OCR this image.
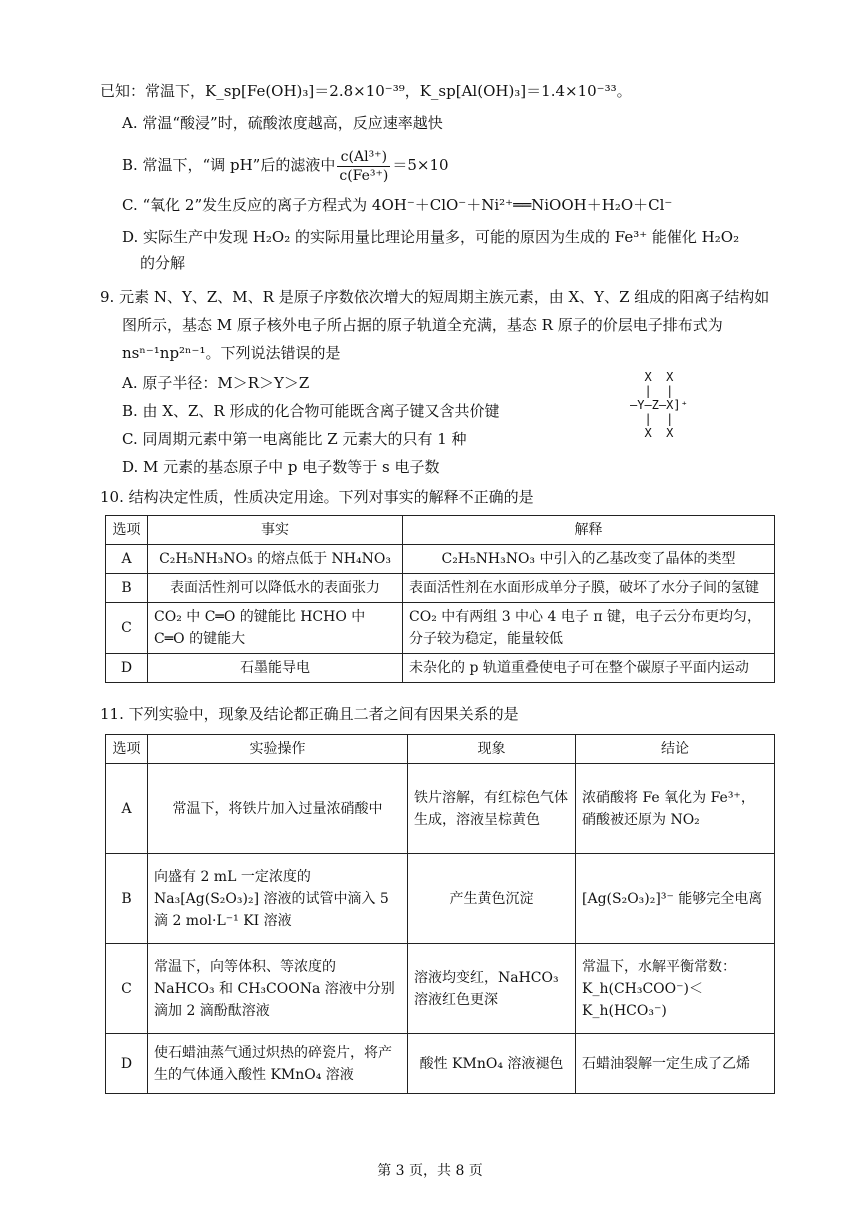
已知：常温下，K_sp[Fe(OH)₃]＝2.8×10⁻³⁹，K_sp[Al(OH)₃]＝1.4×10⁻³³。
A. 常温“酸浸”时，硫酸浓度越高，反应速率越快
B. 常温下，“调 pH”后的滤液中 $\frac{\text{c(Al³⁺)}}{\text{c(Fe³⁺)}} =5\times 10$
C. “氧化 2”发生反应的离子方程式为 4OH⁻＋ClO⁻＋Ni²⁺══NiOOH＋H₂O＋Cl⁻
D. 实际生产中发现 H₂O₂ 的实际用量比理论用量多，可能的原因为生成的 Fe³⁺ 能催化 H₂O₂
的分解
9. 元素 N、Y、Z、M、R 是原子序数依次增大的短周期主族元素，由 X、Y、Z 组成的阳离子结构如
图所示，基态 M 原子核外电子所占据的原子轨道全充满，基态 R 原子的价层电子排布式为
nsⁿ⁻¹np²ⁿ⁻¹。下列说法错误的是
A. 原子半径：M＞R＞Y＞Z
B. 由 X、Z、R 形成的化合物可能既含离子键又含共价键
C. 同周期元素中第一电离能比 Z 元素大的只有 1 种
D. M 元素的基态原子中 p 电子数等于 s 电子数
X  X
|  |
–Y–Z–X]⁺
|  |
X  X
10. 结构决定性质，性质决定用途。下列对事实的解释不正确的是
选项	事实	解释
A	C₂H₅NH₃NO₃ 的熔点低于 NH₄NO₃	C₂H₅NH₃NO₃ 中引入的乙基改变了晶体的类型
B	表面活性剂可以降低水的表面张力	表面活性剂在水面形成单分子膜，破坏了水分子间的氢键
C	CO₂ 中 C═O 的键能比 HCHO 中 C═O 的键能大	CO₂ 中有两组 3 中心 4 电子 π 键，电子云分布更均匀，分子较为稳定，能量较低
D	石墨能导电	未杂化的 p 轨道重叠使电子可在整个碳原子平面内运动
11. 下列实验中，现象及结论都正确且二者之间有因果关系的是
选项	实验操作	现象	结论
A	常温下，将铁片加入过量浓硝酸中	铁片溶解，有红棕色气体生成，溶液呈棕黄色	浓硝酸将 Fe 氧化为 Fe³⁺，硝酸被还原为 NO₂
B	向盛有 2 mL 一定浓度的 Na₃[Ag(S₂O₃)₂] 溶液的试管中滴入 5 滴 2 mol·L⁻¹ KI 溶液	产生黄色沉淀	[Ag(S₂O₃)₂]³⁻ 能够完全电离
C	常温下，向等体积、等浓度的 NaHCO₃ 和 CH₃COONa 溶液中分别滴加 2 滴酚酞溶液	溶液均变红，NaHCO₃ 溶液红色更深	常温下，水解平衡常数：K_h(CH₃COO⁻)＜K_h(HCO₃⁻)
D	使石蜡油蒸气通过炽热的碎瓷片，将产生的气体通入酸性 KMnO₄ 溶液	酸性 KMnO₄ 溶液褪色	石蜡油裂解一定生成了乙烯
第 3 页，共 8 页
